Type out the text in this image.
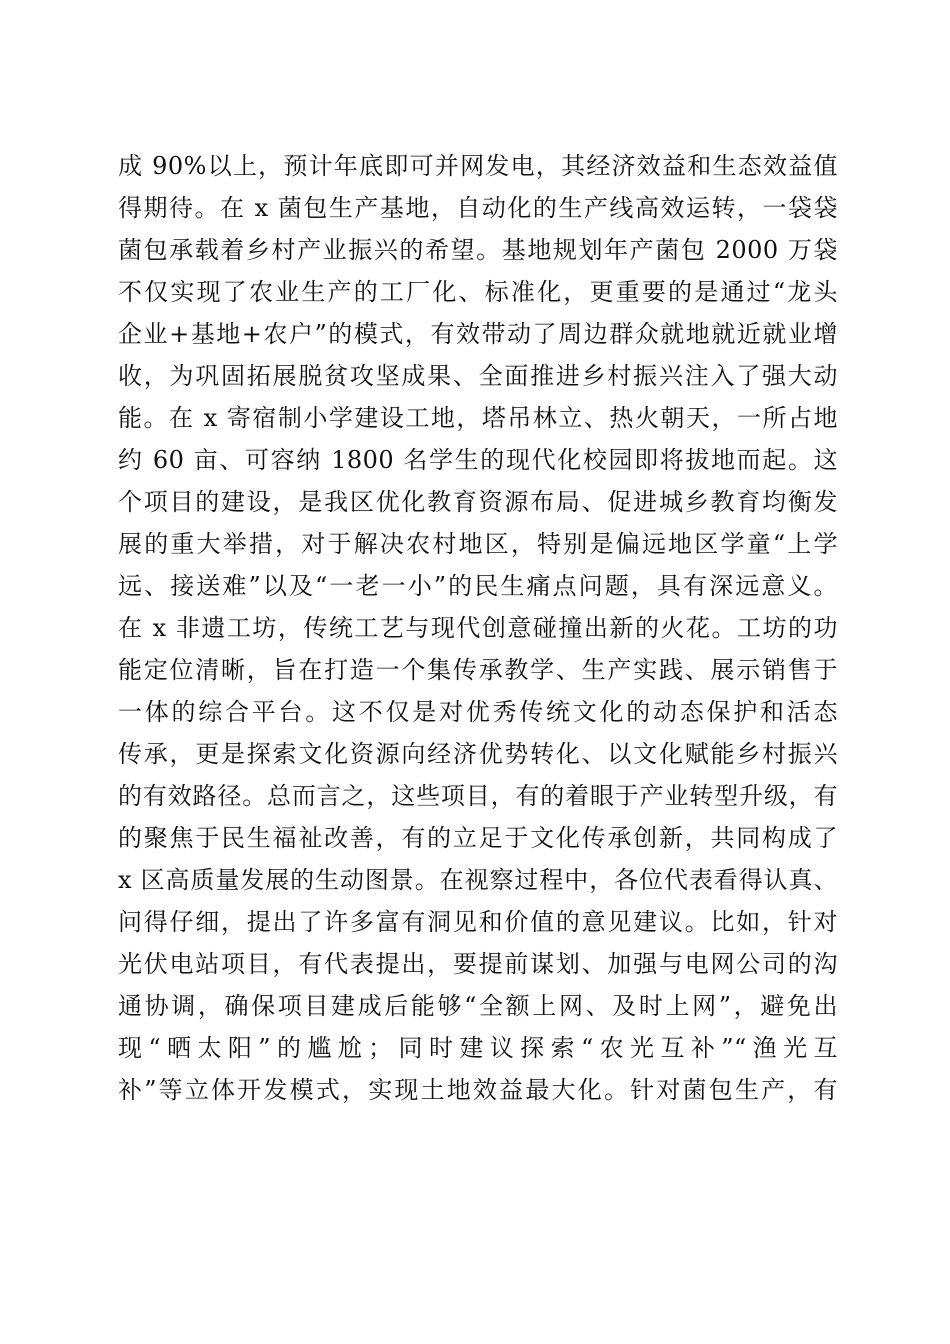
成 90%以上，预计年底即可并网发电，其经济效益和生态效益值
得期待。在 x 菌包生产基地，自动化的生产线高效运转，一袋袋
菌包承载着乡村产业振兴的希望。基地规划年产菌包 2000 万袋
不仅实现了农业生产的工厂化、标准化，更重要的是通过“龙头
企业+基地+农户”的模式，有效带动了周边群众就地就近就业增
收，为巩固拓展脱贫攻坚成果、全面推进乡村振兴注入了强大动
能。在 x 寄宿制小学建设工地，塔吊林立、热火朝天，一所占地
约 60 亩、可容纳 1800 名学生的现代化校园即将拔地而起。这
个项目的建设，是我区优化教育资源布局、促进城乡教育均衡发
展的重大举措，对于解决农村地区，特别是偏远地区学童“上学
远、接送难”以及“一老一小”的民生痛点问题，具有深远意义。
在 x 非遗工坊，传统工艺与现代创意碰撞出新的火花。工坊的功
能定位清晰，旨在打造一个集传承教学、生产实践、展示销售于
一体的综合平台。这不仅是对优秀传统文化的动态保护和活态
传承，更是探索文化资源向经济优势转化、以文化赋能乡村振兴
的有效路径。总而言之，这些项目，有的着眼于产业转型升级，有
的聚焦于民生福祉改善，有的立足于文化传承创新，共同构成了
x 区高质量发展的生动图景。在视察过程中，各位代表看得认真、
问得仔细，提出了许多富有洞见和价值的意见建议。比如，针对
光伏电站项目，有代表提出，要提前谋划、加强与电网公司的沟
通协调，确保项目建成后能够“全额上网、及时上网”，避免出
现“晒太阳”的尴尬；同时建议探索“农光互补”“渔光互
补”等立体开发模式，实现土地效益最大化。针对菌包生产，有
